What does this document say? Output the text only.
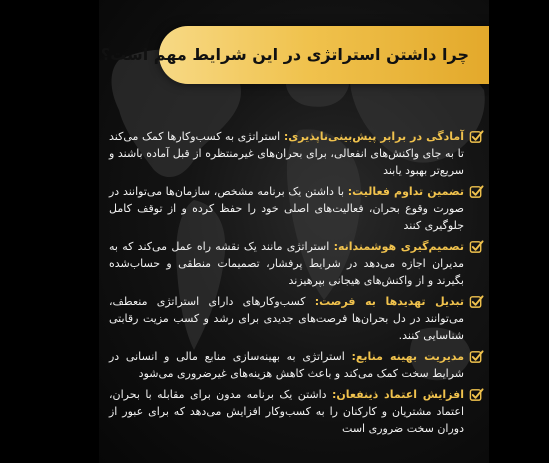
چرا داشتن استراتژی در این شرایط مهم است؟
آمادگی در برابر پیش‌بینی‌ناپذیری: استراتژی به کسب‌وکارها کمک می‌کند تا به جای واکنش‌های انفعالی، برای بحران‌های غیرمنتظره از قبل آماده باشند و سریع‌تر بهبود یابند
تضمین تداوم فعالیت: با داشتن یک برنامه مشخص، سازمان‌ها می‌توانند در صورت وقوع بحران، فعالیت‌های اصلی خود را حفظ کرده و از توقف کامل جلوگیری کنند
تصمیم‌گیری هوشمندانه: استراتژی مانند یک نقشه راه عمل می‌کند که به مدیران اجازه می‌دهد در شرایط پرفشار، تصمیمات منطقی و حساب‌شده بگیرند و از واکنش‌های هیجانی بپرهیزند
تبدیل تهدیدها به فرصت: کسب‌وکارهای دارای استراتژی منعطف، می‌توانند در دل بحران‌ها فرصت‌های جدیدی برای رشد و کسب مزیت رقابتی شناسایی کنند.
مدیریت بهینه منابع: استراتژی به بهینه‌سازی منابع مالی و انسانی در شرایط سخت کمک می‌کند و باعث کاهش هزینه‌های غیرضروری می‌شود
افزایش اعتماد ذینفعان: داشتن یک برنامه مدون برای مقابله با بحران، اعتماد مشتریان و کارکنان را به کسب‌وکار افزایش می‌دهد که برای عبور از دوران سخت ضروری است
